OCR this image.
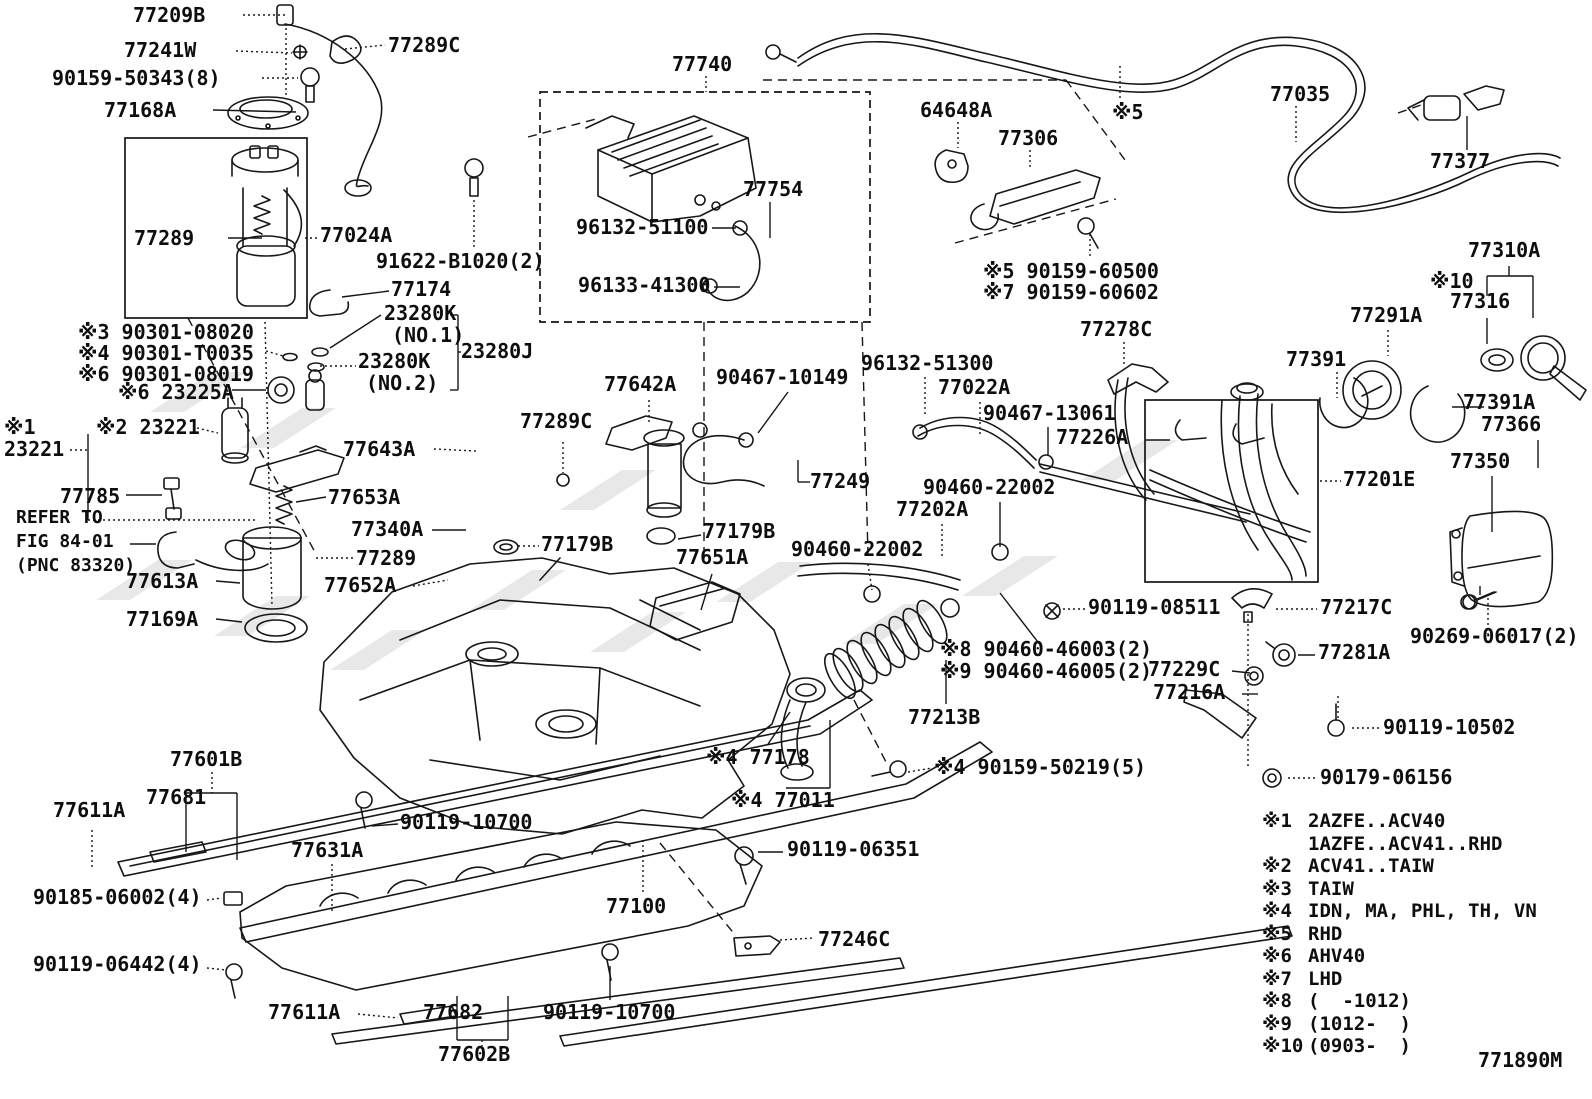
77209B
77289C
77241W
90159-50343(8)
77168A
77289	77024A
91622-B1020(2)
77174
23280K
(NO.1)
23280K
(NO.2)
23280J
※3 90301-08020
※4 90301-T0035
※6 90301-08019
※6 23225A
※1
23221
※2 23221
77785
REFER TO
FIG 84-01
(PNC 83320)
77613A
77169A
77643A
77653A
77340A
77289
77652A
77289C
77642A
77179B
77179B
77651A
77740
96132-51100
77754
96133-41300
64648A
77306
※5
77035
77377
※5 90159-60500
※7 90159-60602
77278C
77310A
※10
77316
77291A
77391
77391A
77366
77350
77201E
96132-51300
77022A
90467-10149
90467-13061
77226A
77249	90460-22002
77202A
90460-22002
90119-08511
※8 90460-46003(2)
※9 90460-46005(2)
77229C
77213B
77217C
77281A
77216A
90119-10502
90179-06156
90269-06017(2)
※4 90159-50219(5)
※4 77178
※4 77011
90119-06351
77246C
77100
77601B
77681
77611A
90185-06002(4)
90119-06442(4)
77631A
90119-10700
77611A	77682	90119-10700
77602B
※1 2AZFE..ACV40
1AZFE..ACV41..RHD
※2 ACV41..TAIW
※3 TAIW
※4 IDN, MA, PHL, TH, VN
※5 RHD
※6 AHV40
※7 LHD
※8 (  -1012)
※9 (1012-  )
※10 (0903-  )
771890M
